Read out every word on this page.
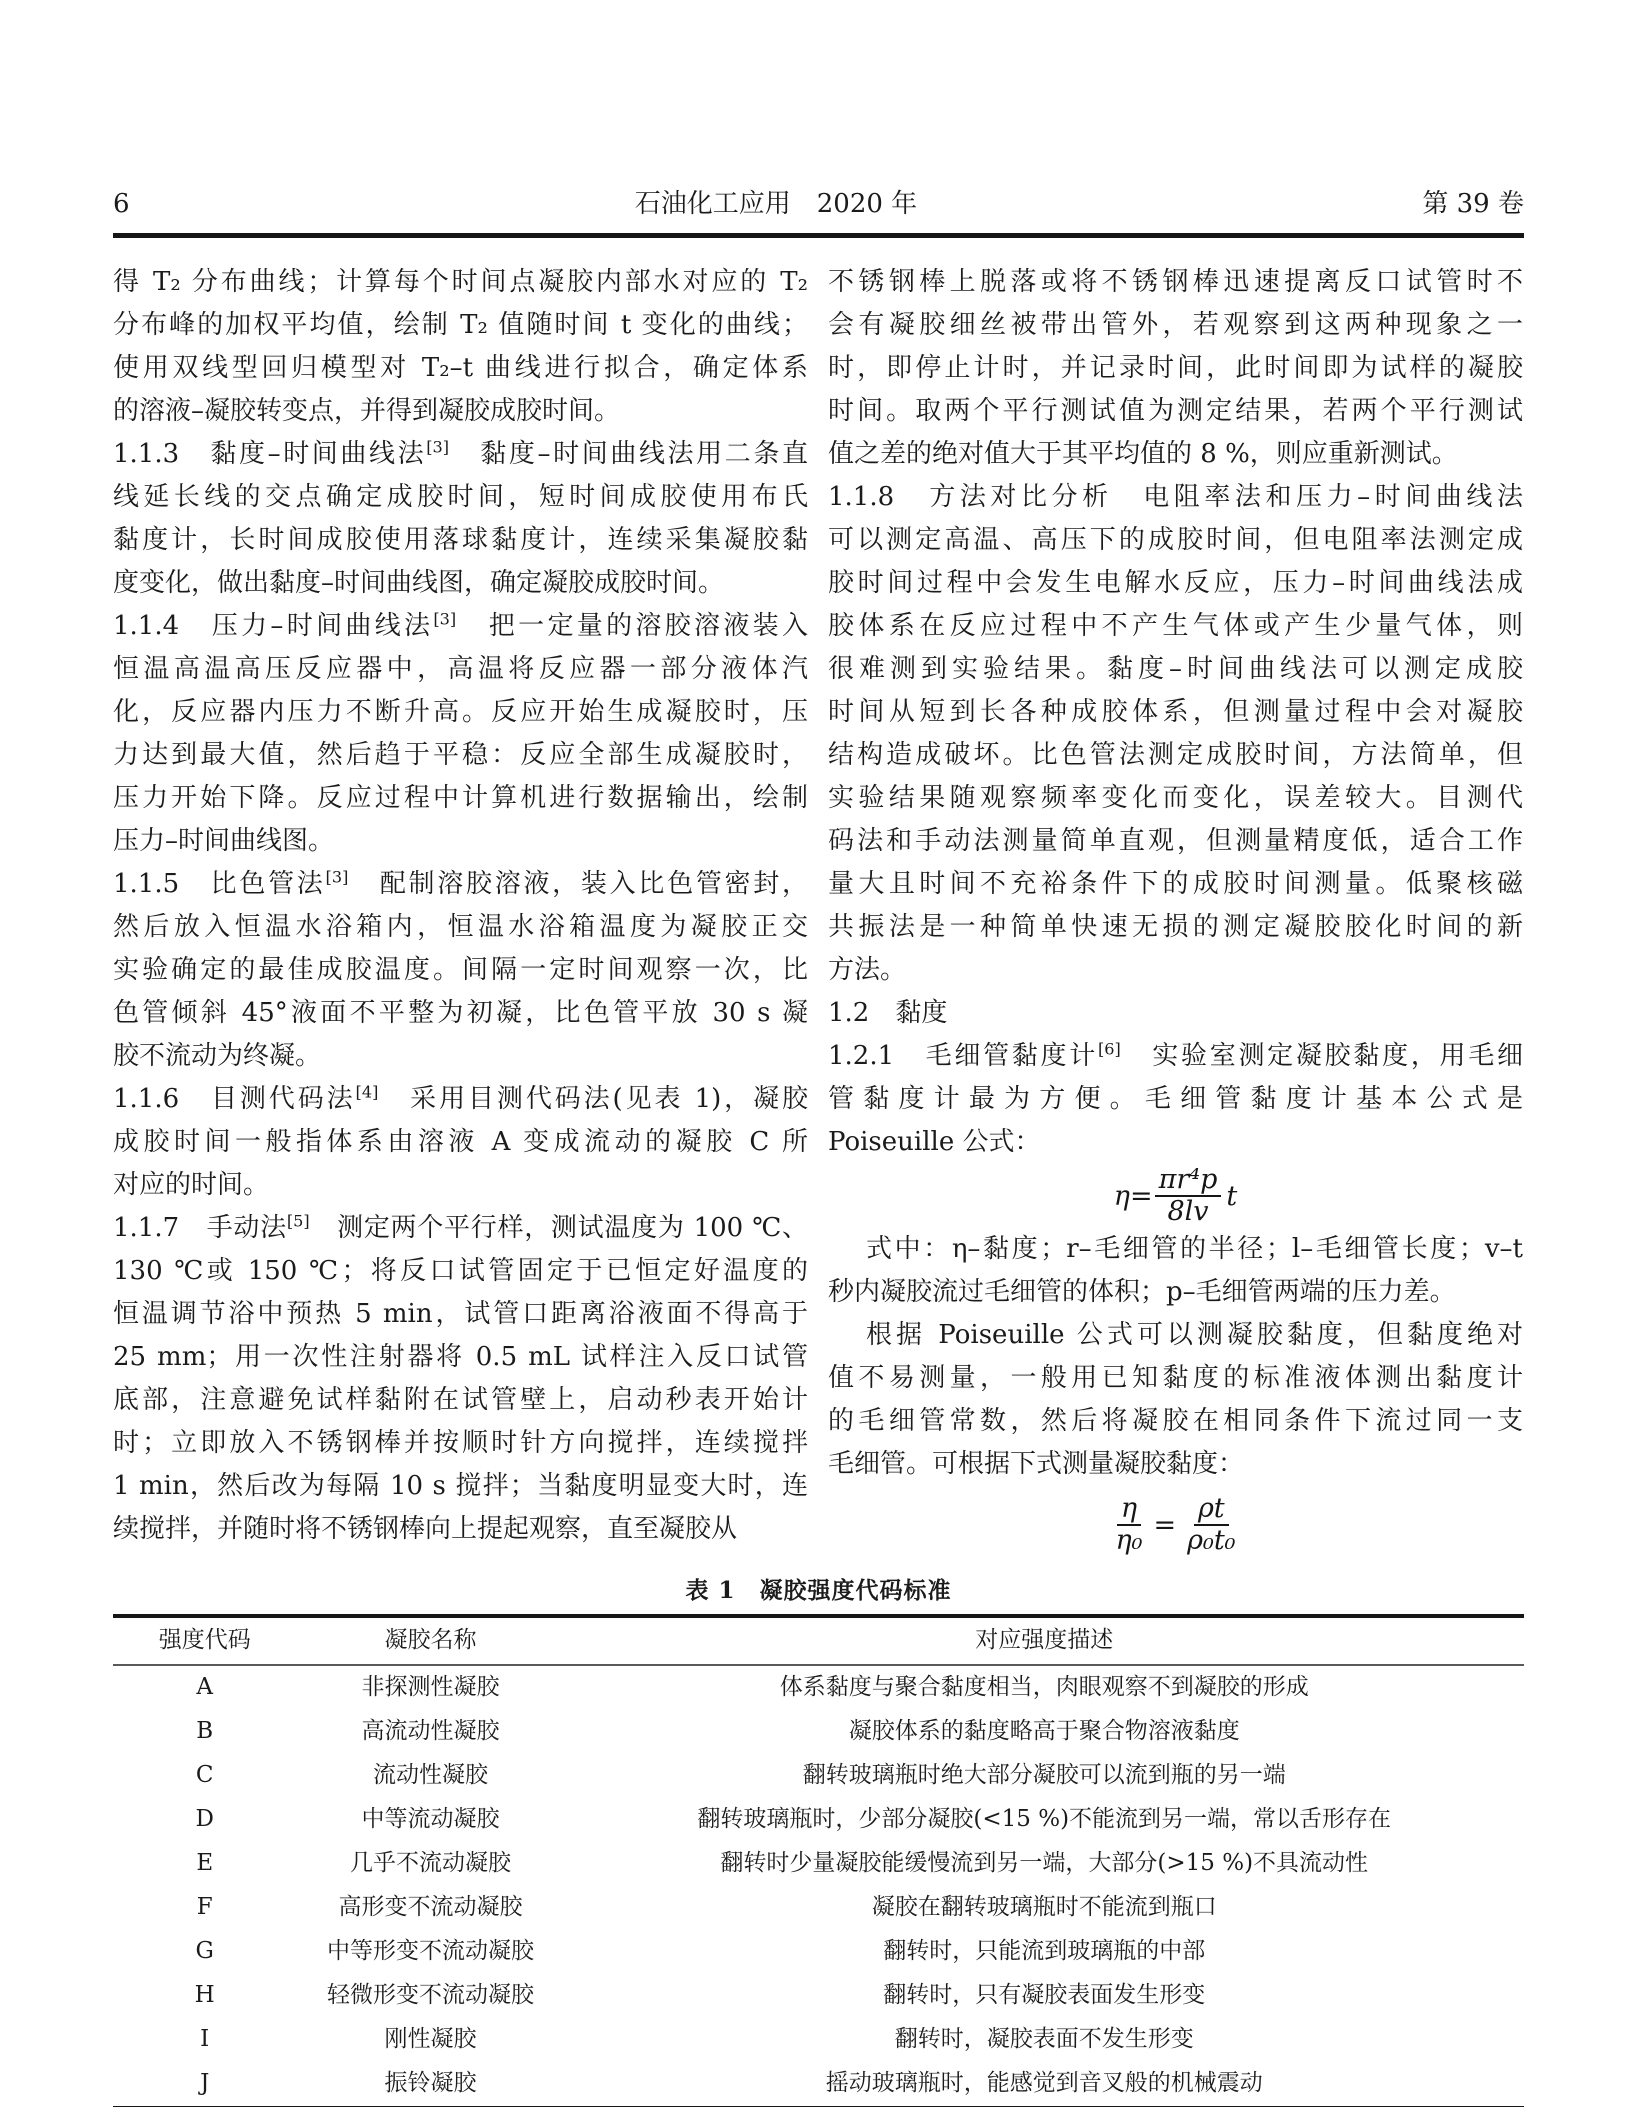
6	石油化工应用　2020 年	第 39 卷
得 T₂ 分布曲线；计算每个时间点凝胶内部水对应的 T₂
分布峰的加权平均值，绘制 T₂ 值随时间 t 变化的曲线；
使用双线型回归模型对 T₂–t 曲线进行拟合，确定体系
的溶液–凝胶转变点，并得到凝胶成胶时间。
1.1.3　黏度–时间曲线法[3]　黏度–时间曲线法用二条直
线延长线的交点确定成胶时间，短时间成胶使用布氏
黏度计，长时间成胶使用落球黏度计，连续采集凝胶黏
度变化，做出黏度–时间曲线图，确定凝胶成胶时间。
1.1.4　压力–时间曲线法[3]　把一定量的溶胶溶液装入
恒温高温高压反应器中，高温将反应器一部分液体汽
化，反应器内压力不断升高。反应开始生成凝胶时，压
力达到最大值，然后趋于平稳：反应全部生成凝胶时，
压力开始下降。反应过程中计算机进行数据输出，绘制
压力–时间曲线图。
1.1.5　比色管法[3]　配制溶胶溶液，装入比色管密封，
然后放入恒温水浴箱内，恒温水浴箱温度为凝胶正交
实验确定的最佳成胶温度。间隔一定时间观察一次，比
色管倾斜 45°液面不平整为初凝，比色管平放 30 s 凝
胶不流动为终凝。
1.1.6　目测代码法[4]　采用目测代码法(见表 1)，凝胶
成胶时间一般指体系由溶液 A 变成流动的凝胶 C 所
对应的时间。
1.1.7　手动法[5]　测定两个平行样，测试温度为 100 ℃、
130 ℃或 150 ℃；将反口试管固定于已恒定好温度的
恒温调节浴中预热 5 min，试管口距离浴液面不得高于
25 mm；用一次性注射器将 0.5 mL 试样注入反口试管
底部，注意避免试样黏附在试管壁上，启动秒表开始计
时；立即放入不锈钢棒并按顺时针方向搅拌，连续搅拌
1 min，然后改为每隔 10 s 搅拌；当黏度明显变大时，连
续搅拌，并随时将不锈钢棒向上提起观察，直至凝胶从
不锈钢棒上脱落或将不锈钢棒迅速提离反口试管时不
会有凝胶细丝被带出管外，若观察到这两种现象之一
时，即停止计时，并记录时间，此时间即为试样的凝胶
时间。取两个平行测试值为测定结果，若两个平行测试
值之差的绝对值大于其平均值的 8 %，则应重新测试。
1.1.8　方法对比分析　电阻率法和压力–时间曲线法
可以测定高温、高压下的成胶时间，但电阻率法测定成
胶时间过程中会发生电解水反应，压力–时间曲线法成
胶体系在反应过程中不产生气体或产生少量气体，则
很难测到实验结果。黏度–时间曲线法可以测定成胶
时间从短到长各种成胶体系，但测量过程中会对凝胶
结构造成破坏。比色管法测定成胶时间，方法简单，但
实验结果随观察频率变化而变化，误差较大。目测代
码法和手动法测量简单直观，但测量精度低，适合工作
量大且时间不充裕条件下的成胶时间测量。低聚核磁
共振法是一种简单快速无损的测定凝胶胶化时间的新
方法。
1.2　黏度
1.2.1　毛细管黏度计[6]　实验室测定凝胶黏度，用毛细
管黏度计最为方便。毛细管黏度计基本公式是
Poiseuille 公式：
$\eta= \frac{\text{πr⁴p}}{8lv}$ t
式中：η–黏度；r–毛细管的半径；l–毛细管长度；v–t
秒内凝胶流过毛细管的体积；p–毛细管两端的压力差。
根据 Poiseuille 公式可以测凝胶黏度，但黏度绝对
值不易测量，一般用已知黏度的标准液体测出黏度计
的毛细管常数，然后将凝胶在相同条件下流过同一支
毛细管。可根据下式测量凝胶黏度：
$\frac{\eta}{\text{η₀}} = \frac{\rho t}{\text{ρ₀t₀}}$
表 1　凝胶强度代码标准
强度代码	凝胶名称	对应强度描述
A	非探测性凝胶	体系黏度与聚合黏度相当，肉眼观察不到凝胶的形成
B	高流动性凝胶	凝胶体系的黏度略高于聚合物溶液黏度
C	流动性凝胶	翻转玻璃瓶时绝大部分凝胶可以流到瓶的另一端
D	中等流动凝胶	翻转玻璃瓶时，少部分凝胶(<15 %)不能流到另一端，常以舌形存在
E	几乎不流动凝胶	翻转时少量凝胶能缓慢流到另一端，大部分(>15 %)不具流动性
F	高形变不流动凝胶	凝胶在翻转玻璃瓶时不能流到瓶口
G	中等形变不流动凝胶	翻转时，只能流到玻璃瓶的中部
H	轻微形变不流动凝胶	翻转时，只有凝胶表面发生形变
I	刚性凝胶	翻转时，凝胶表面不发生形变
J	振铃凝胶	摇动玻璃瓶时，能感觉到音叉般的机械震动
